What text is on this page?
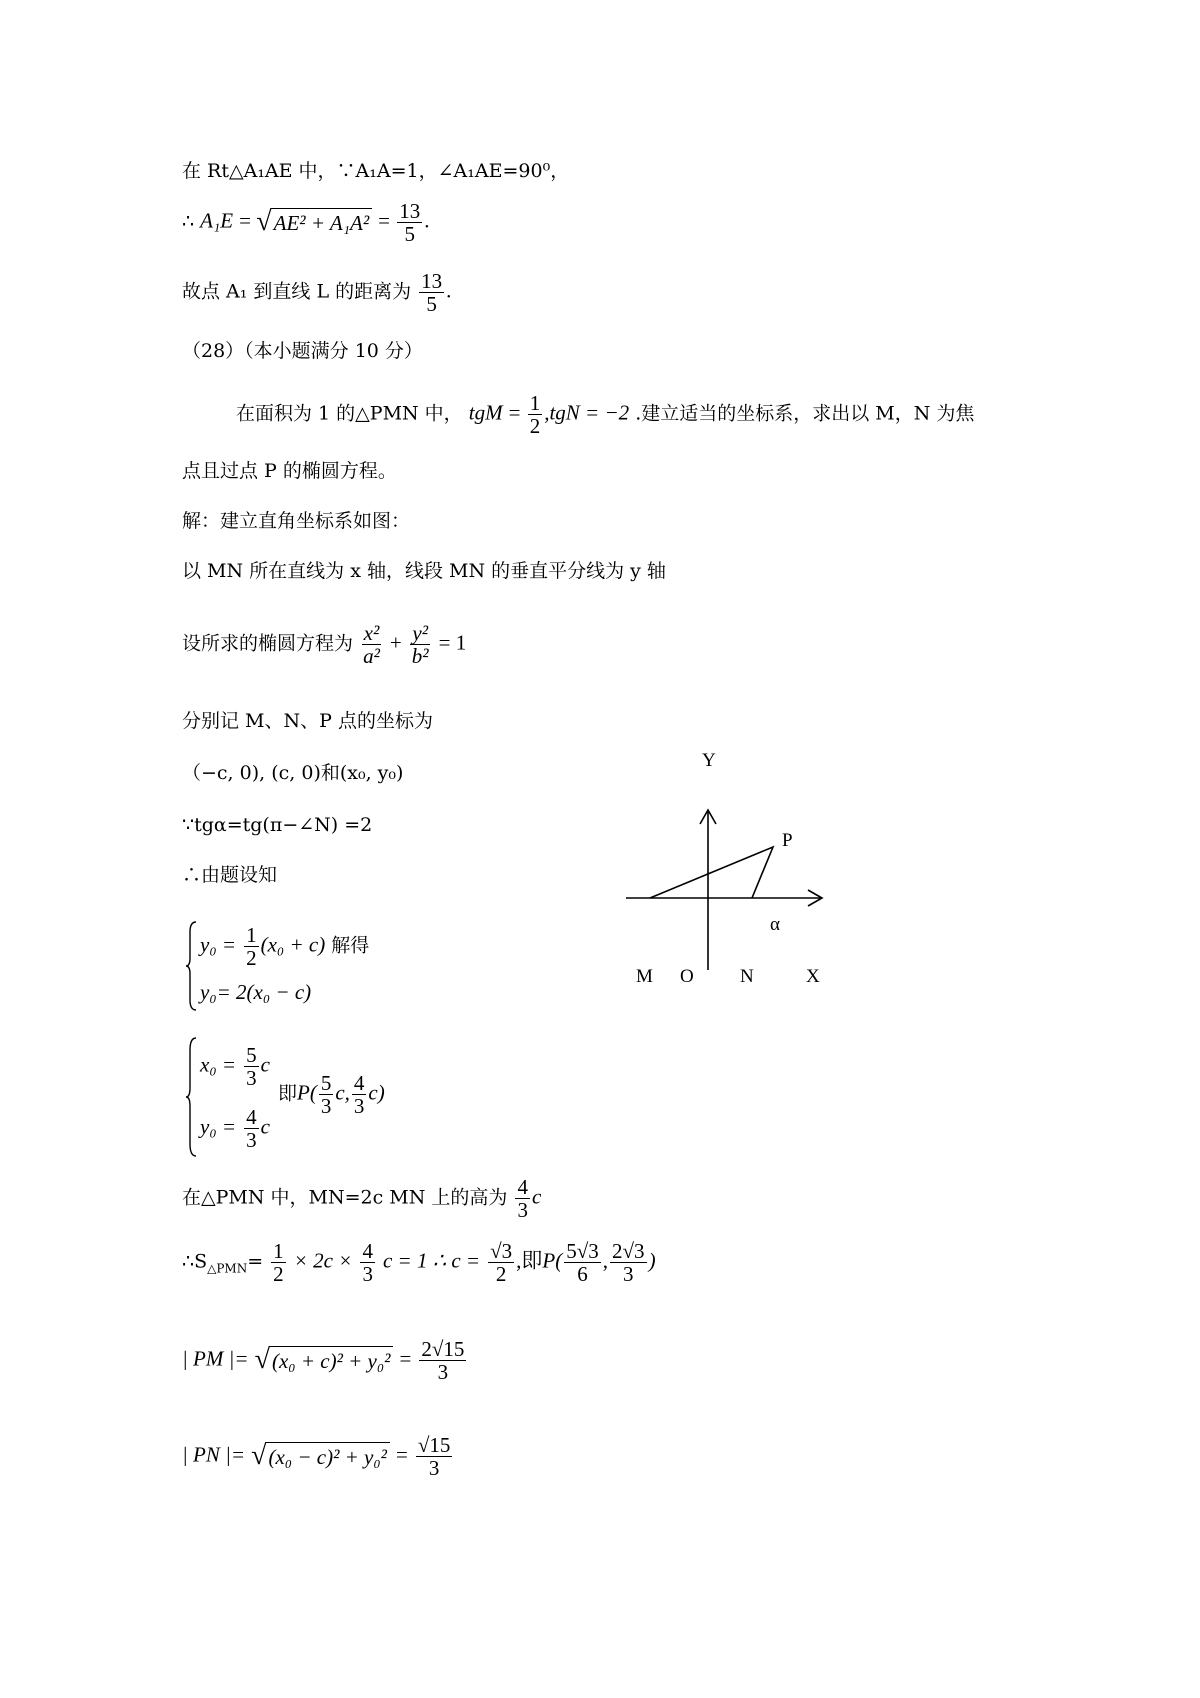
在 Rt△A₁AE 中，∵A₁A=1，∠A₁AE=90⁰，
∴ A₁E = √ $AE^2 + A_1A^2 = \frac{13}{5}$ .
故点 A₁ 到直线 L 的距离为 $\frac{13}{5}$ .
（28）（本小题满分 10 分）
在面积为 1 的△PMN 中， tgM = $\frac{1}{2} ,tgN = -2$ .建立适当的坐标系，求出以 M，N 为焦
点且过点 P 的椭圆方程。
解：建立直角坐标系如图：
以 MN 所在直线为 x 轴，线段 MN 的垂直平分线为 y 轴
设所求的椭圆方程为 $\frac{\text{x²}}{\text{a²}} + \frac{\text{y²}}{\text{b²}} = 1$
分别记 M、N、P 点的坐标为
（−c, 0), (c, 0)和(x₀, y₀)
∵tgα=tg(π−∠N) =2
∴由题设知
$y_0 = \frac{1}{2} (x_0 + c)$ 解得
y₀= 2(x₀ − c)
$x_0 = \frac{5}{3}$ c
即$P( \frac{5}{3} c$, $\frac{4}{3} c$)
$y_0 = \frac{4}{3}$ c
在△PMN 中，MN=2c MN 上的高为 $\frac{4}{3}$ c
$\therefore S_{\triangle PMN}= \frac{1}{2} \times 2c \times \frac{4}{3}$ c = 1 ∴ $c = \frac{√3}{2}$ ,即$P( \frac{5√3}{6}$ , $\frac{2√3}{3}$ )
| PM |= √ $(x_0 + c)^2 + y_0^2 = \frac{2√15}{3}$
| PN |= √ $(x_0 - c)^2 + y_0^2 = \frac{√15}{3}$
Y
P
α
M O N	X
